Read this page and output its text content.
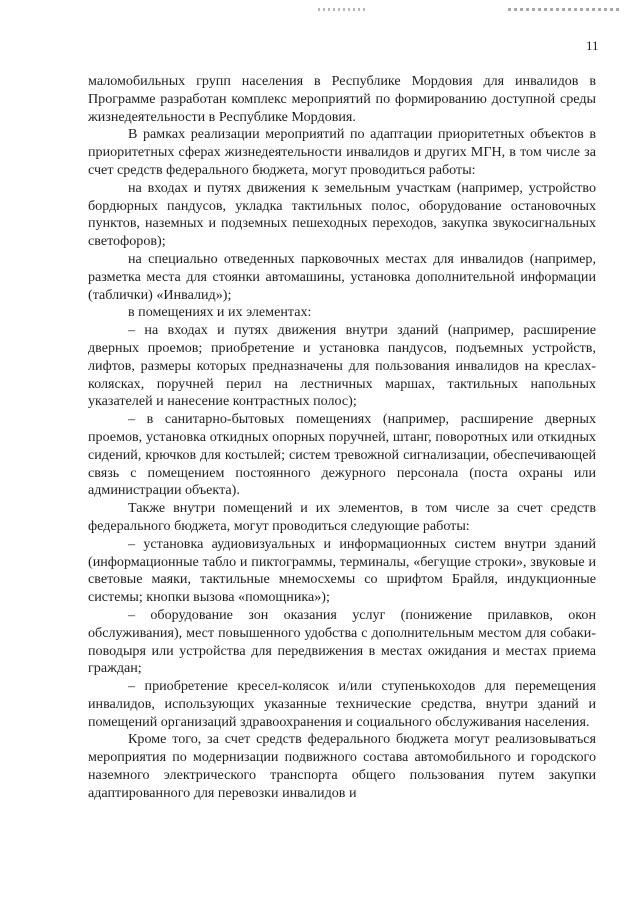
11

маломобильных групп населения в Республике Мордовия для инвалидов в Программе разработан комплекс мероприятий по формированию доступной среды жизнедеятельности в Республике Мордовия.

В рамках реализации мероприятий по адаптации приоритетных объектов в приоритетных сферах жизнедеятельности инвалидов и других МГН, в том числе за счет средств федерального бюджета, могут проводиться работы:

на входах и путях движения к земельным участкам (например, устройство бордюрных пандусов, укладка тактильных полос, оборудование остановочных пунктов, наземных и подземных пешеходных переходов, закупка звукосигнальных светофоров);

на специально отведенных парковочных местах для инвалидов (например, разметка места для стоянки автомашины, установка дополнительной информации (таблички) «Инвалид»);

в помещениях и их элементах:

– на входах и путях движения внутри зданий (например, расширение дверных проемов; приобретение и установка пандусов, подъемных устройств, лифтов, размеры которых предназначены для пользования инвалидов на креслах-колясках, поручней перил на лестничных маршах, тактильных напольных указателей и нанесение контрастных полос);

– в санитарно-бытовых помещениях (например, расширение дверных проемов, установка откидных опорных поручней, штанг, поворотных или откидных сидений, крючков для костылей; систем тревожной сигнализации, обеспечивающей связь с помещением постоянного дежурного персонала (поста охраны или администрации объекта).

Также внутри помещений и их элементов, в том числе за счет средств федерального бюджета, могут проводиться следующие работы:

– установка аудиовизуальных и информационных систем внутри зданий (информационные табло и пиктограммы, терминалы, «бегущие строки», звуковые и световые маяки, тактильные мнемосхемы со шрифтом Брайля, индукционные системы; кнопки вызова «помощника»);

– оборудование зон оказания услуг (понижение прилавков, окон обслуживания), мест повышенного удобства с дополнительным местом для собаки-поводыря или устройства для передвижения в местах ожидания и местах приема граждан;

– приобретение кресел-колясок и/или ступенькоходов для перемещения инвалидов, использующих указанные технические средства, внутри зданий и помещений организаций здравоохранения и социального обслуживания населения.

Кроме того, за счет средств федерального бюджета могут реализовываться мероприятия по модернизации подвижного состава автомобильного и городского наземного электрического транспорта общего пользования путем закупки адаптированного для перевозки инвалидов и
